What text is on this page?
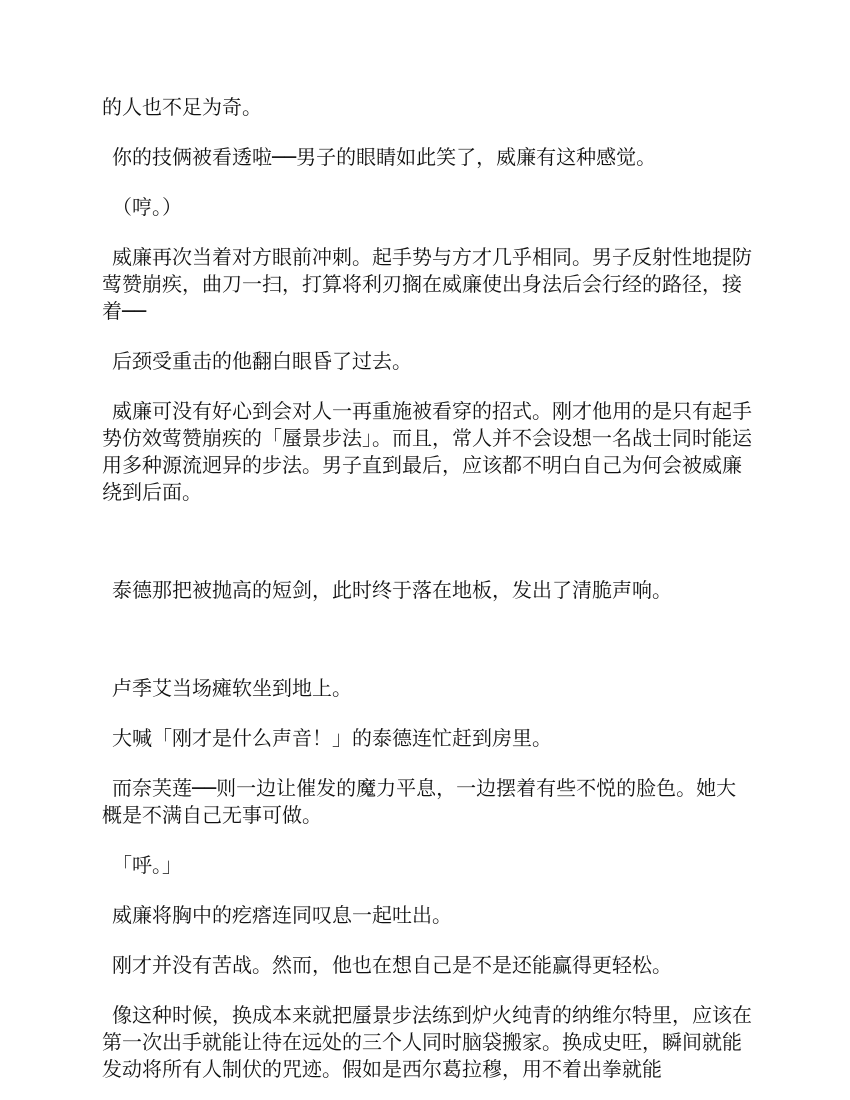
的人也不足为奇。

你的技俩被看透啦──男子的眼睛如此笑了，威廉有这种感觉。

（哼。）

威廉再次当着对方眼前冲刺。起手势与方才几乎相同。男子反射性地提防莺赞崩疾，曲刀一扫，打算将利刃搁在威廉使出身法后会行经的路径，接着──

后颈受重击的他翻白眼昏了过去。

威廉可没有好心到会对人一再重施被看穿的招式。刚才他用的是只有起手势仿效莺赞崩疾的「蜃景步法」。而且，常人并不会设想一名战士同时能运用多种源流迥异的步法。男子直到最后，应该都不明白自己为何会被威廉绕到后面。

泰德那把被抛高的短剑，此时终于落在地板，发出了清脆声响。

卢季艾当场瘫软坐到地上。

大喊「刚才是什么声音！」的泰德连忙赶到房里。

而奈芙莲──则一边让催发的魔力平息，一边摆着有些不悦的脸色。她大概是不满自己无事可做。

「呼。」

威廉将胸中的疙瘩连同叹息一起吐出。

刚才并没有苦战。然而，他也在想自己是不是还能赢得更轻松。

像这种时候，换成本来就把蜃景步法练到炉火纯青的纳维尔特里，应该在第一次出手就能让待在远处的三个人同时脑袋搬家。换成史旺，瞬间就能发动将所有人制伏的咒迹。假如是西尔葛拉穆，用不着出拳就能
